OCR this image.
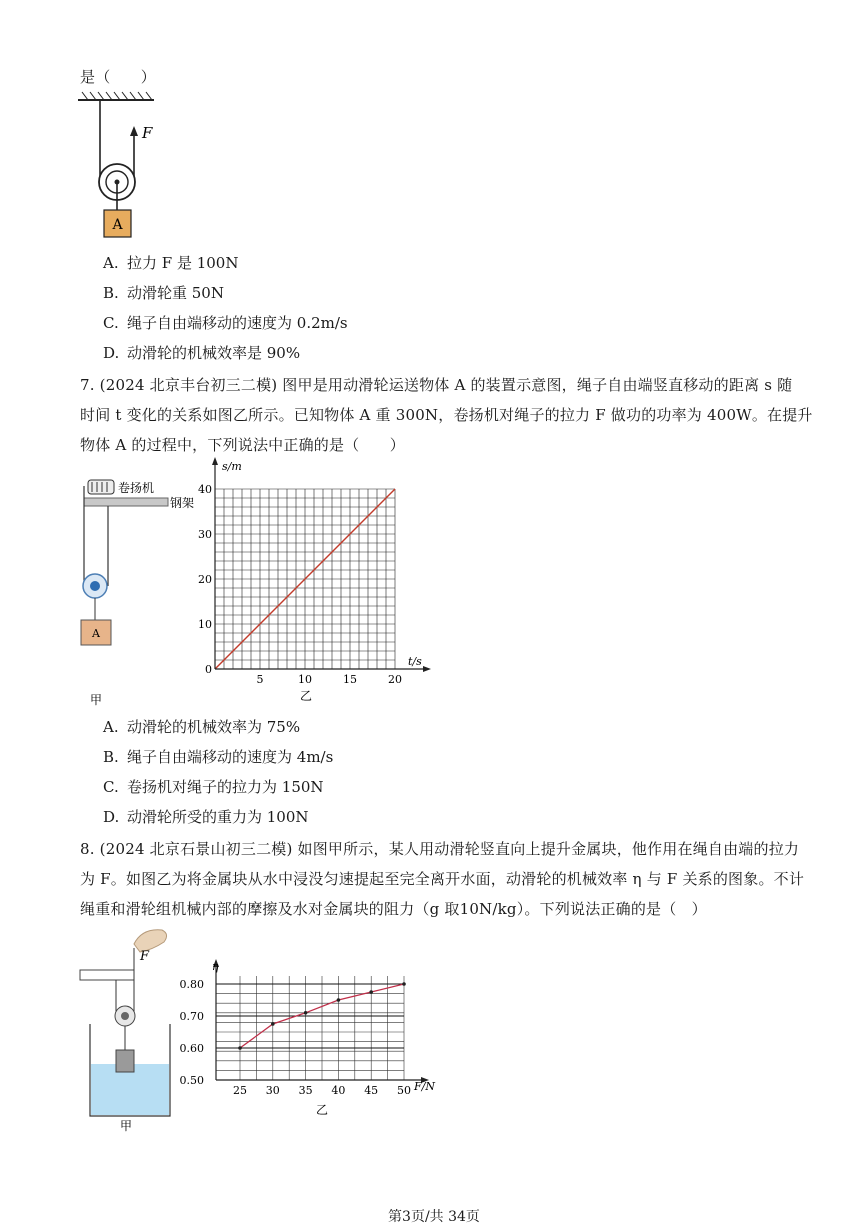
是（　　）
A
F
A. 拉力 F 是 100N
B. 动滑轮重 50N
C. 绳子自由端移动的速度为 0.2m/s
D. 动滑轮的机械效率是 90%
7. (2024 北京丰台初三二模) 图甲是用动滑轮运送物体 A 的装置示意图，绳子自由端竖直移动的距离 s 随
时间 t 变化的关系如图乙所示。已知物体 A 重 300N，卷扬机对绳子的拉力 F 做功的功率为 400W。在提升
物体 A 的过程中，下列说法中正确的是（　　）
卷扬机
钢架
A
甲
5	10	15	20
0
10
20
30
40
s/m
t/s
乙
A. 动滑轮的机械效率为 75%
B. 绳子自由端移动的速度为 4m/s
C. 卷扬机对绳子的拉力为 150N
D. 动滑轮所受的重力为 100N
8. (2024 北京石景山初三二模) 如图甲所示，某人用动滑轮竖直向上提升金属块，他作用在绳自由端的拉力
为 F。如图乙为将金属块从水中浸没匀速提起至完全离开水面，动滑轮的机械效率 η 与 F 关系的图象。不计
绳重和滑轮组机械内部的摩擦及水对金属块的阻力（g 取10N/kg）。下列说法正确的是（　）
F
甲
25 30 35 40 45 50
0.50
0.60
0.70
0.80
η
F/N
乙
第3页/共 34页
